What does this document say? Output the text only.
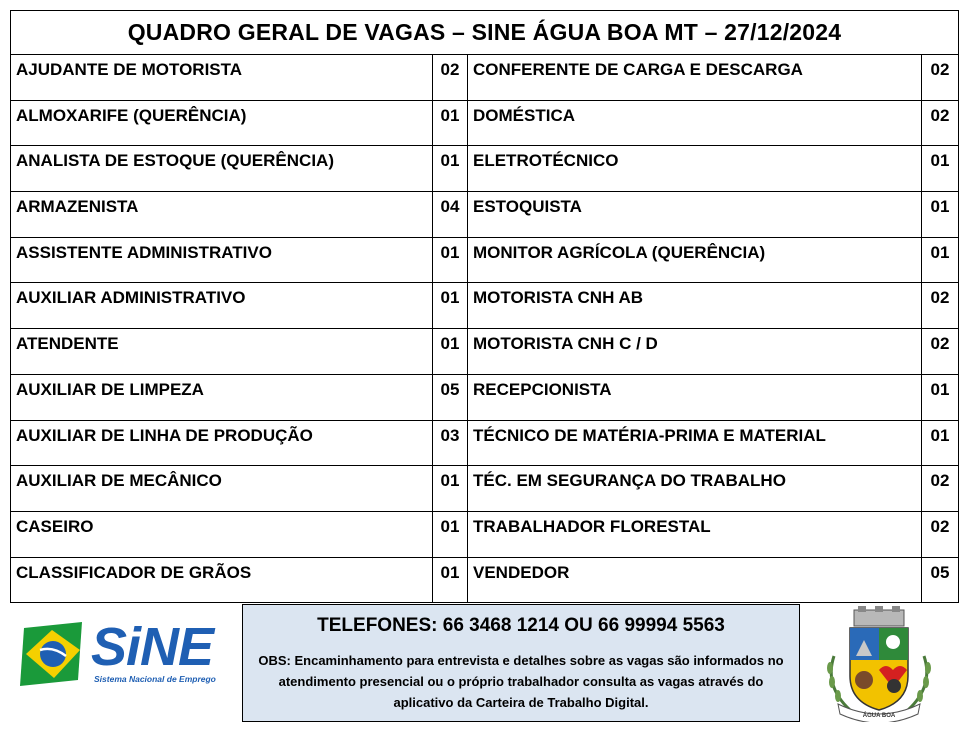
QUADRO GERAL DE VAGAS – SINE ÁGUA BOA MT – 27/12/2024			
AJUDANTE DE MOTORISTA	02	CONFERENTE DE CARGA E DESCARGA	02
ALMOXARIFE (QUERÊNCIA)	01	DOMÉSTICA	02
ANALISTA DE ESTOQUE (QUERÊNCIA)	01	ELETROTÉCNICO	01
ARMAZENISTA	04	ESTOQUISTA	01
ASSISTENTE ADMINISTRATIVO	01	MONITOR AGRÍCOLA (QUERÊNCIA)	01
AUXILIAR ADMINISTRATIVO	01	MOTORISTA CNH AB	02
ATENDENTE	01	MOTORISTA CNH C / D	02
AUXILIAR DE LIMPEZA	05	RECEPCIONISTA	01
AUXILIAR DE LINHA DE PRODUÇÃO	03	TÉCNICO DE MATÉRIA-PRIMA E MATERIAL	01
AUXILIAR DE MECÂNICO	01	TÉC. EM SEGURANÇA DO TRABALHO	02
CASEIRO	01	TRABALHADOR FLORESTAL	02
CLASSIFICADOR DE GRÃOS	01	VENDEDOR	05
SiNE
Sistema Nacional de Emprego
TELEFONES: 66 3468 1214 OU 66 99994 5563
OBS: Encaminhamento para entrevista e detalhes sobre as vagas são informados no atendimento presencial ou o próprio trabalhador consulta as vagas através do aplicativo da Carteira de Trabalho Digital.
ÁGUA BOA
